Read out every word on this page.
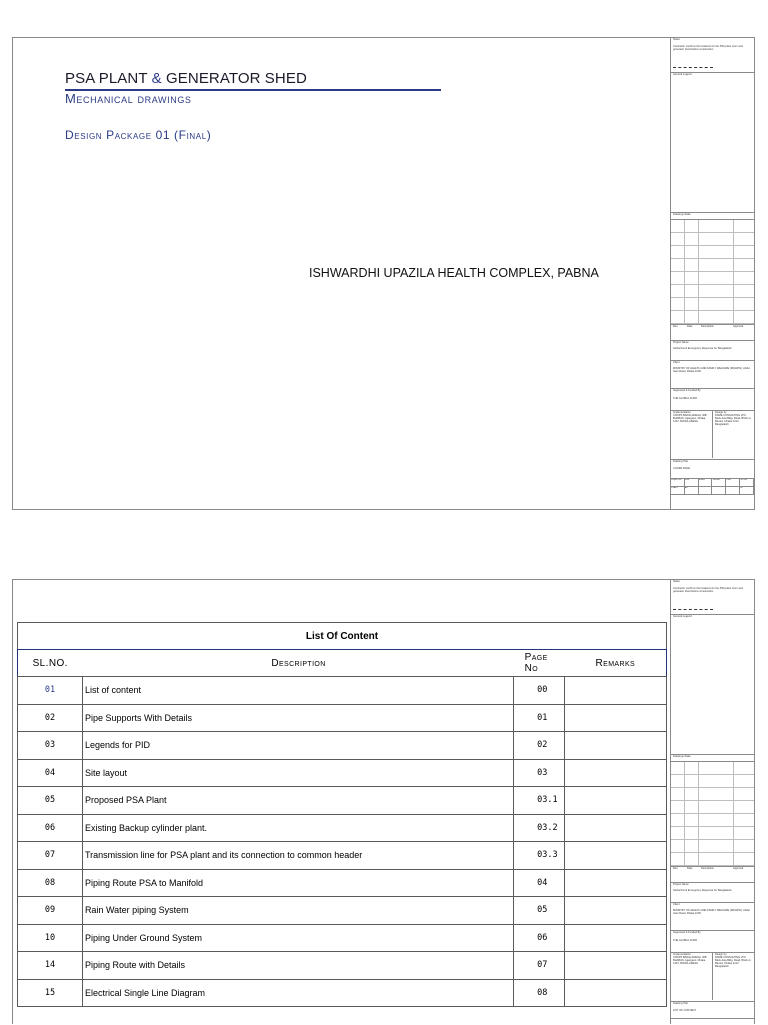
PSA PLANT & GENERATOR SHED
Mechanical drawings
Design Package 01 (Final)
ISHWARDHI UPAZILA HEALTH COMPLEX, PABNA
Notes
Contractor confirms the locations for the PSA plant room and generator shed before construction.
General Legend
Drawings State
Rev.	Date	Description	Approval
Project Name
Global Fund Emergency Response for Bangladesh
Client
MINISTRY OF HEALTH AND FAMILY WELFARE (MOHFW), Abdul Gani Road, Dhaka 1000
Supported & Funded By
THE GLOBAL FUND
Implementation
UNOPS BANGLADESH, IDB BHABAN, Agargaon, Dhaka 1207, BANGLADESH
Design by
DSME CONSULTING LTD. Bank Asia Bldg, Road, Block-C, Banani, Dhaka 1213 Bangladesh
Drawing Title
COVER PAGE
Project No.	Size	Status	Version	Date	Ver No.
PSA01	A3	00
List Of Content			
SL.NO.	Description	Page No	Remarks
01	List of content	00	
02	Pipe Supports With Details	01	
03	Legends for PID	02	
04	Site layout	03	
05	Proposed PSA Plant	03.1	
06	Existing Backup cylinder plant.	03.2	
07	Transmission line for PSA plant and its connection to common header	03.3	
08	Piping Route PSA to Manifold	04	
09	Rain Water piping System	05	
10	Piping Under Ground System	06	
14	Piping Route with Details	07	
15	Electrical Single Line Diagram	08	
Notes
Contractor confirms the locations for the PSA plant room and generator shed before construction.
General Legend
Drawings State
Rev.	Date	Description	Approval
Project Name
Global Fund Emergency Response for Bangladesh
Client
MINISTRY OF HEALTH AND FAMILY WELFARE (MOHFW), Abdul Gani Road, Dhaka 1000
Supported & Funded By
THE GLOBAL FUND
Implementation
UNOPS BANGLADESH, IDB BHABAN, Agargaon, Dhaka 1207, BANGLADESH
Design by
DSME CONSULTING LTD. Bank Asia Bldg, Road, Block-C, Banani, Dhaka 1213 Bangladesh
Drawing Title
LIST OF CONTENT
